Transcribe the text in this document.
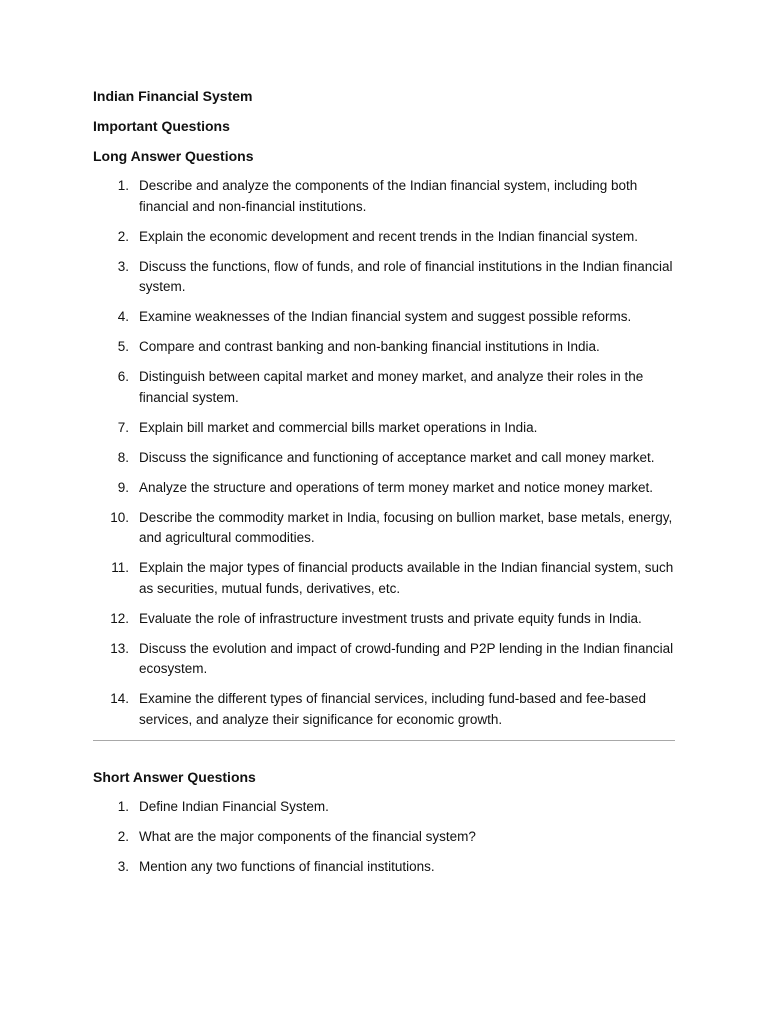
Indian Financial System
Important Questions
Long Answer Questions
1. Describe and analyze the components of the Indian financial system, including both financial and non-financial institutions.
2. Explain the economic development and recent trends in the Indian financial system.
3. Discuss the functions, flow of funds, and role of financial institutions in the Indian financial system.
4. Examine weaknesses of the Indian financial system and suggest possible reforms.
5. Compare and contrast banking and non-banking financial institutions in India.
6. Distinguish between capital market and money market, and analyze their roles in the financial system.
7. Explain bill market and commercial bills market operations in India.
8. Discuss the significance and functioning of acceptance market and call money market.
9. Analyze the structure and operations of term money market and notice money market.
10. Describe the commodity market in India, focusing on bullion market, base metals, energy, and agricultural commodities.
11. Explain the major types of financial products available in the Indian financial system, such as securities, mutual funds, derivatives, etc.
12. Evaluate the role of infrastructure investment trusts and private equity funds in India.
13. Discuss the evolution and impact of crowd-funding and P2P lending in the Indian financial ecosystem.
14. Examine the different types of financial services, including fund-based and fee-based services, and analyze their significance for economic growth.
Short Answer Questions
1. Define Indian Financial System.
2. What are the major components of the financial system?
3. Mention any two functions of financial institutions.
